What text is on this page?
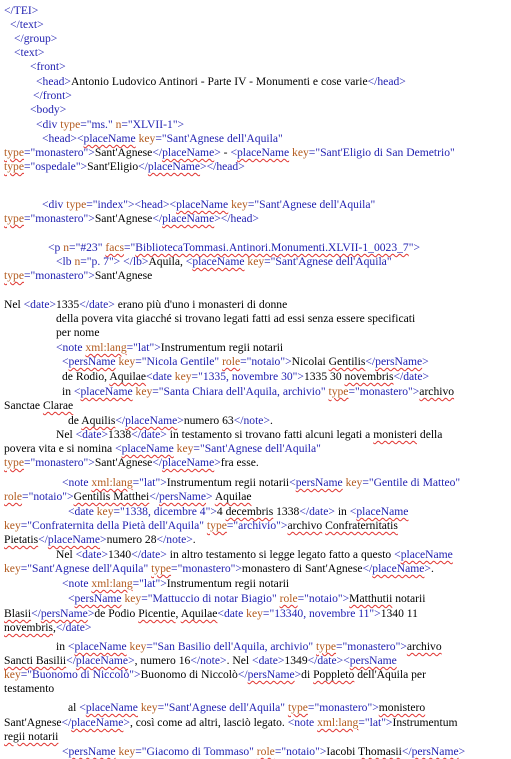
</TEI>
</text>
</group>
<text>
<front>
<head>Antonio Ludovico Antinori - Parte IV - Monumenti e cose varie</head>
</front>
<body>
<div type="ms." n="XLVII-1">
<head><placeName key="Sant'Agnese dell'Aquila"
type="monastero">Sant'Agnese</placeName> - <placeName key="Sant'Eligio di San Demetrio"
type="ospedale">Sant'Eligio</placeName></head>
<div type="index"><head><placeName key="Sant'Agnese dell'Aquila"
type="monastero">Sant'Agnese</placeName></head>
<p n="#23" facs="BibliotecaTommasi.Antinori.Monumenti.XLVII-1_0023_7">
<lb n="p. 7"> </lb>Aquila, <placeName key="Sant'Agnese dell'Aquila"
type="monastero">Sant'Agnese
Nel <date>1335</date> erano più d'uno i monasteri di donne
della povera vita giacché si trovano legati fatti ad essi senza essere specificati
per nome
<note xml:lang="lat">Instrumentum regii notarii
<persName key="Nicola Gentile" role="notaio">Nicolai Gentilis</persName>
de Rodio, Aquilae<date key="1335, novembre 30">1335 30 novembris</date>
in <placeName key="Santa Chiara dell'Aquila, archivio" type="monastero">archivo
Sanctae Clarae
de Aquilis</placeName>numero 63</note>.
Nel <date>1338</date> in testamento si trovano fatti alcuni legati a monisteri della
povera vita e si nomina <placeName key="Sant'Agnese dell'Aquila"
type="monastero">Sant'Agnese</placeName>fra esse.
<note xml:lang="lat">Instrumentum regii notarii<persName key="Gentile di Matteo"
role="notaio">Gentilis Matthei</persName> Aquilae
<date key="1338, dicembre 4">4 decembris 1338</date> in <placeName
key="Confraternita della Pietà dell'Aquila" type="archivio">archivo Confraternitatis
Pietatis</placeName>numero 28</note>.
Nel <date>1340</date> in altro testamento si legge legato fatto a questo <placeName
key="Sant'Agnese dell'Aquila" type="monastero">monastero di Sant'Agnese</placeName>.
<note xml:lang="lat">Instrumentum regii notarii
<persName key="Mattuccio di notar Biagio" role="notaio">Matthutii notarii
Blasii</persName>de Podio Picentie, Aquilae<date key="13340, novembre 11">1340 11
novembris,</date>
in <placeName key="San Basilio dell'Aquila, archivio" type="monastero">archivo
Sancti Basilii</placeName>, numero 16</note>. Nel <date>1349</date><persName
key="Buonomo di Niccolò">Buonomo di Niccolò</persName>di Poppleto dell'Aquila per
testamento
al <placeName key="Sant'Agnese dell'Aquila" type="monastero">monistero
Sant'Agnese</placeName>, così come ad altri, lasciò legato. <note xml:lang="lat">Instrumentum
regii notarii
<persName key="Giacomo di Tommaso" role="notaio">Iacobi Thomasii</persName>
